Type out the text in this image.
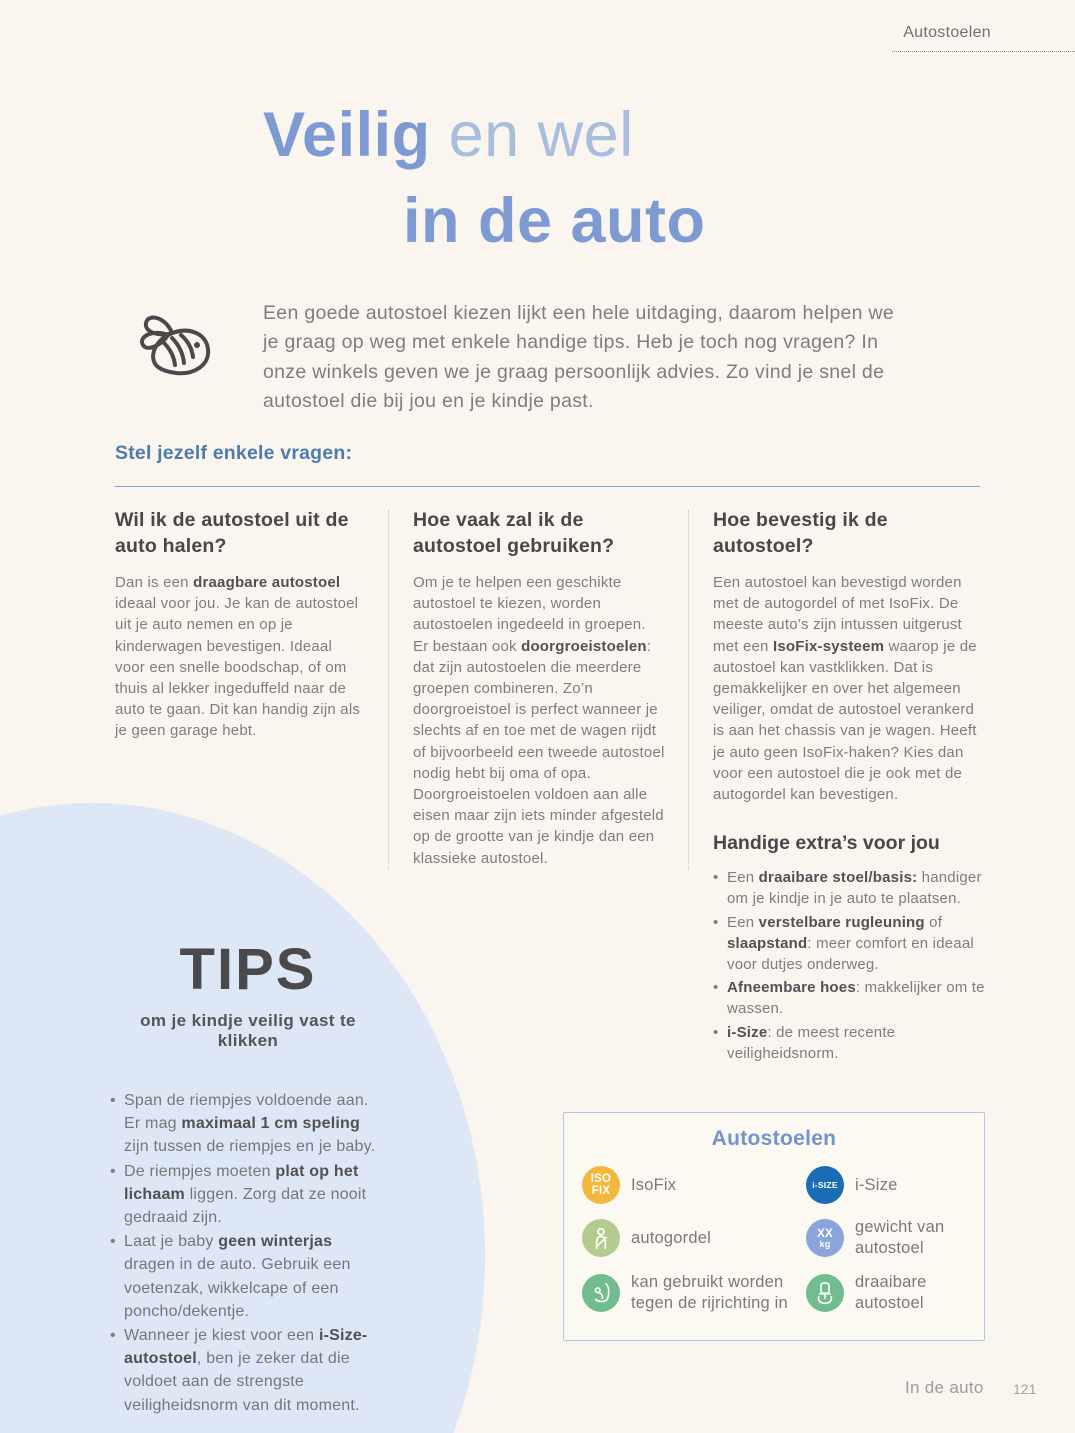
Autostoelen
Veilig en wel
in de auto

Een goede autostoel kiezen lijkt een hele uitdaging, daarom helpen we je graag op weg met enkele handige tips. Heb je toch nog vragen? In onze winkels geven we je graag persoonlijk advies. Zo vind je snel de autostoel die bij jou en je kindje past.

Stel jezelf enkele vragen:
Wil ik de autostoel uit de auto halen?
Dan is een draagbare autostoel ideaal voor jou. Je kan de autostoel uit je auto nemen en op je kinderwagen bevestigen. Ideaal voor een snelle boodschap, of om thuis al lekker ingeduffeld naar de auto te gaan. Dit kan handig zijn als je geen garage hebt.
Hoe vaak zal ik de autostoel gebruiken?
Om je te helpen een geschikte autostoel te kiezen, worden autostoelen ingedeeld in groepen. Er bestaan ook doorgroeistoelen: dat zijn autostoelen die meerdere groepen combineren. Zo’n doorgroeistoel is perfect wanneer je slechts af en toe met de wagen rijdt of bijvoorbeeld een tweede autostoel nodig hebt bij oma of opa. Doorgroeistoelen voldoen aan alle eisen maar zijn iets minder afgesteld op de grootte van je kindje dan een klassieke autostoel.
Hoe bevestig ik de autostoel?
Een autostoel kan bevestigd worden met de autogordel of met IsoFix. De meeste auto’s zijn intussen uitgerust met een IsoFix-systeem waarop je de autostoel kan vastklikken. Dat is gemakkelijker en over het algemeen veiliger, omdat de autostoel verankerd is aan het chassis van je wagen. Heeft je auto geen IsoFix-haken? Kies dan voor een autostoel die je ook met de autogordel kan bevestigen.
Handige extra’s voor jou
• Een draaibare stoel/basis: handiger om je kindje in je auto te plaatsen.
• Een verstelbare rugleuning of slaapstand: meer comfort en ideaal voor dutjes onderweg.
• Afneembare hoes: makkelijker om te wassen.
• i-Size: de meest recente veiligheidsnorm.
TIPS
om je kindje veilig vast te klikken
• Span de riempjes voldoende aan. Er mag maximaal 1 cm speling zijn tussen de riempjes en je baby.
• De riempjes moeten plat op het lichaam liggen. Zorg dat ze nooit gedraaid zijn.
• Laat je baby geen winterjas dragen in de auto. Gebruik een voetenzak, wikkelcape of een poncho/dekentje.
• Wanneer je kiest voor een i-Size-autostoel, ben je zeker dat die voldoet aan de strengste veiligheidsnorm van dit moment.
Autostoelen
ISO
FIX IsoFix	i-SIZE i-Size
autogordel	XX
kg
gewicht van autostoel
kan gebruikt worden tegen de rijrichting in
draaibare autostoel
In de auto 121
